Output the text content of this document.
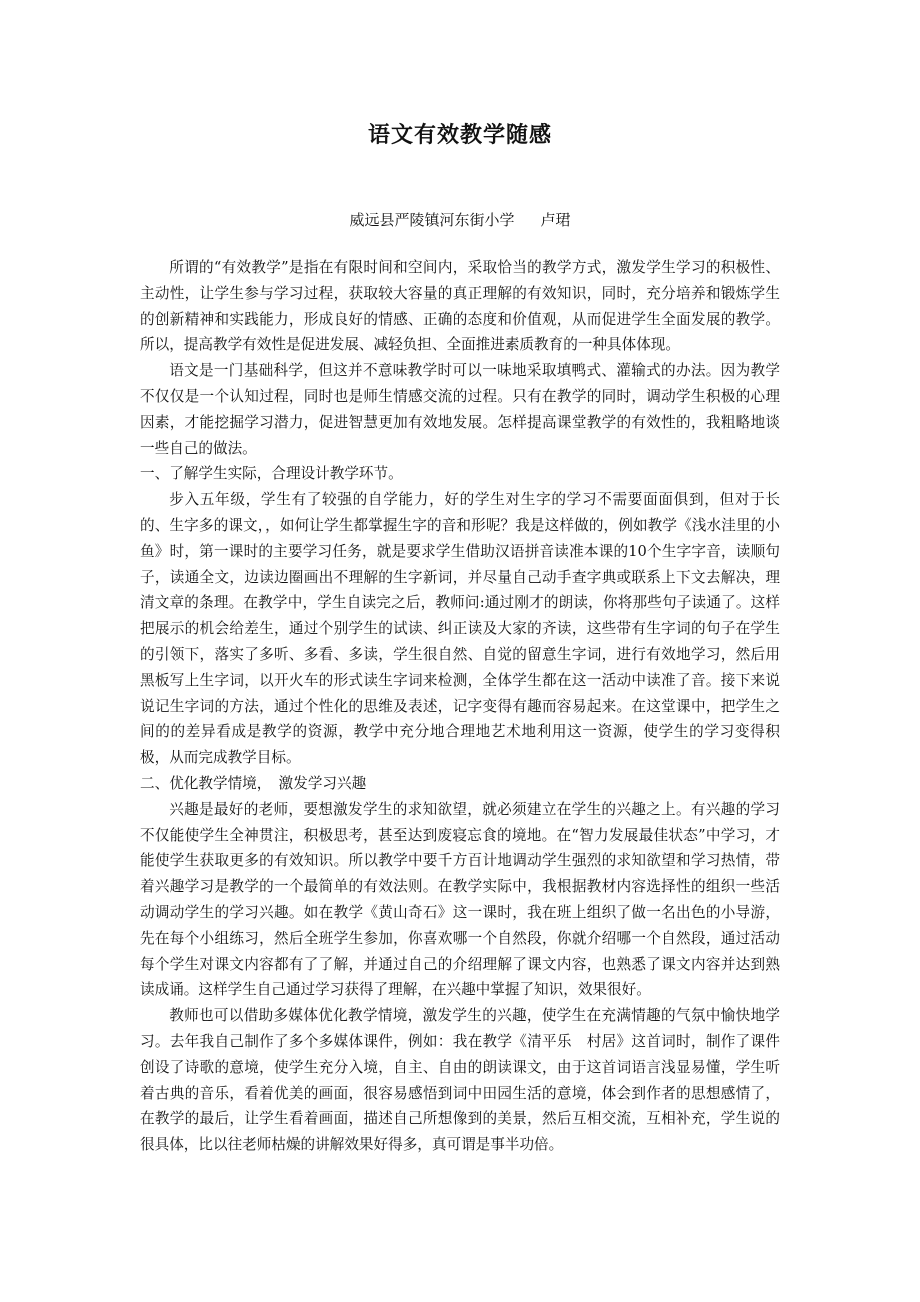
语文有效教学随感
威远县严陵镇河东街小学 卢珺

所谓的“有效教学”是指在有限时间和空间内，采取恰当的教学方式，激发学生学习的积极性、主动性，让学生参与学习过程，获取较大容量的真正理解的有效知识，同时，充分培养和锻炼学生的创新精神和实践能力，形成良好的情感、正确的态度和价值观，从而促进学生全面发展的教学。所以，提高教学有效性是促进发展、减轻负担、全面推进素质教育的一种具体体现。

语文是一门基础科学，但这并不意味教学时可以一味地采取填鸭式、灌输式的办法。因为教学不仅仅是一个认知过程，同时也是师生情感交流的过程。只有在教学的同时，调动学生积极的心理因素，才能挖掘学习潜力，促进智慧更加有效地发展。怎样提高课堂教学的有效性的，我粗略地谈一些自己的做法。

一、了解学生实际，合理设计教学环节。

步入五年级，学生有了较强的自学能力，好的学生对生字的学习不需要面面俱到，但对于长的、生字多的课文，，如何让学生都掌握生字的音和形呢？我是这样做的，例如教学《浅水洼里的小鱼》时，第一课时的主要学习任务，就是要求学生借助汉语拼音读准本课的10个生字字音，读顺句子，读通全文，边读边圈画出不理解的生字新词，并尽量自己动手查字典或联系上下文去解决，理清文章的条理。在教学中，学生自读完之后，教师问:通过刚才的朗读，你将那些句子读通了。这样把展示的机会给差生，通过个别学生的试读、纠正读及大家的齐读，这些带有生字词的句子在学生的引领下，落实了多听、多看、多读，学生很自然、自觉的留意生字词，进行有效地学习，然后用黑板写上生字词，以开火车的形式读生字词来检测，全体学生都在这一活动中读准了音。接下来说说记生字词的方法，通过个性化的思维及表述，记字变得有趣而容易起来。在这堂课中，把学生之间的的差异看成是教学的资源，教学中充分地合理地艺术地利用这一资源，使学生的学习变得积极，从而完成教学目标。

二、优化教学情境，　激发学习兴趣

兴趣是最好的老师，要想激发学生的求知欲望，就必须建立在学生的兴趣之上。有兴趣的学习不仅能使学生全神贯注，积极思考，甚至达到废寝忘食的境地。在“智力发展最佳状态”中学习，才能使学生获取更多的有效知识。所以教学中要千方百计地调动学生强烈的求知欲望和学习热情，带着兴趣学习是教学的一个最简单的有效法则。在教学实际中，我根据教材内容选择性的组织一些活动调动学生的学习兴趣。如在教学《黄山奇石》这一课时，我在班上组织了做一名出色的小导游，先在每个小组练习，然后全班学生参加，你喜欢哪一个自然段，你就介绍哪一个自然段，通过活动每个学生对课文内容都有了了解，并通过自己的介绍理解了课文内容，也熟悉了课文内容并达到熟读成诵。这样学生自己通过学习获得了理解，在兴趣中掌握了知识，效果很好。

教师也可以借助多媒体优化教学情境，激发学生的兴趣，使学生在充满情趣的气氛中愉快地学习。去年我自己制作了多个多媒体课件，例如：我在教学《清平乐　村居》这首词时，制作了课件创设了诗歌的意境，使学生充分入境，自主、自由的朗读课文，由于这首词语言浅显易懂，学生听着古典的音乐，看着优美的画面，很容易感悟到词中田园生活的意境，体会到作者的思想感情了，在教学的最后，让学生看着画面，描述自己所想像到的美景，然后互相交流，互相补充，学生说的很具体，比以往老师枯燥的讲解效果好得多，真可谓是事半功倍。
